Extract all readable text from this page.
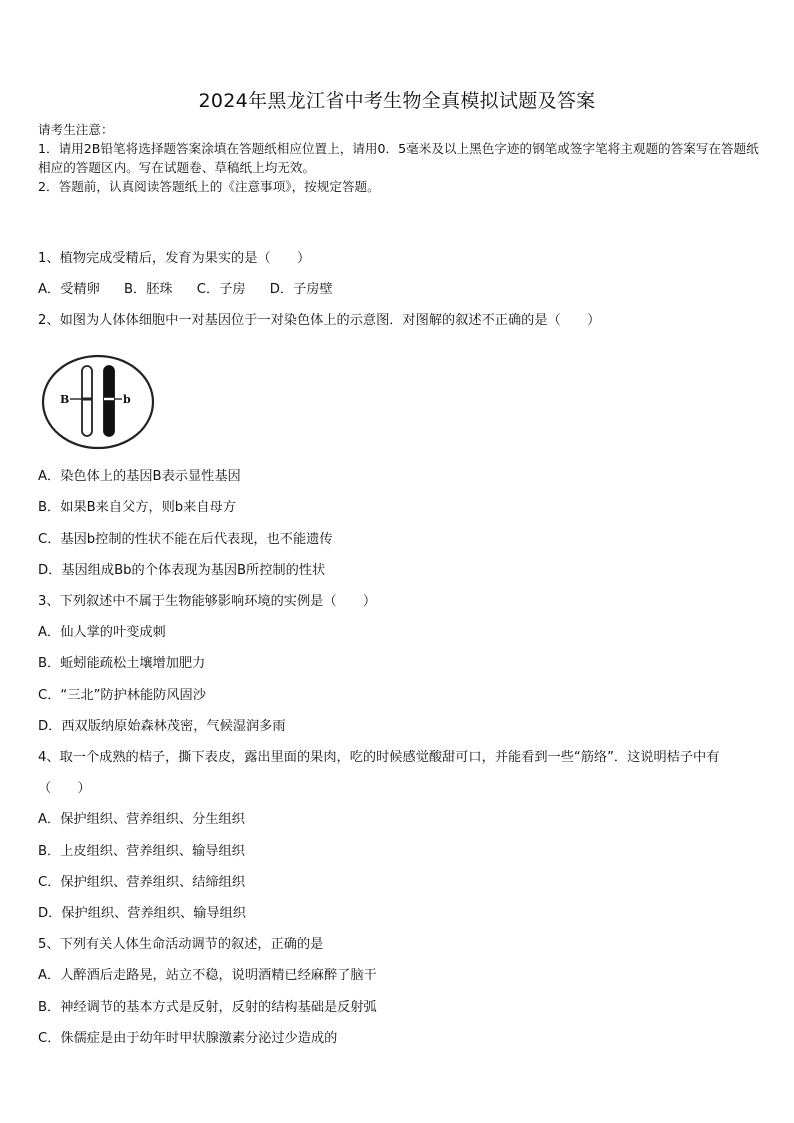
2024年黑龙江省中考生物全真模拟试题及答案
请考生注意：
1．请用2B铅笔将选择题答案涂填在答题纸相应位置上，请用0．5毫米及以上黑色字迹的钢笔或签字笔将主观题的答案写在答题纸相应的答题区内。写在试题卷、草稿纸上均无效。
2．答题前，认真阅读答题纸上的《注意事项》，按规定答题。
1、植物完成受精后，发育为果实的是（　　）
A．受精卵 B．胚珠 C．子房 D．子房壁
2、如图为人体体细胞中一对基因位于一对染色体上的示意图．对图解的叙述不正确的是（　　）
B	b
A．染色体上的基因B表示显性基因
B．如果B来自父方，则b来自母方
C．基因b控制的性状不能在后代表现，也不能遗传
D．基因组成Bb的个体表现为基因B所控制的性状
3、下列叙述中不属于生物能够影响环境的实例是（　　）
A．仙人掌的叶变成刺
B．蚯蚓能疏松土壤增加肥力
C．“三北”防护林能防风固沙
D．西双版纳原始森林茂密，气候湿润多雨
4、取一个成熟的桔子，撕下表皮，露出里面的果肉，吃的时候感觉酸甜可口，并能看到一些“筋络”．这说明桔子中有（　　）
A．保护组织、营养组织、分生组织
B．上皮组织、营养组织、输导组织
C．保护组织、营养组织、结缔组织
D．保护组织、营养组织、输导组织
5、下列有关人体生命活动调节的叙述，正确的是
A．人醉酒后走路晃，站立不稳，说明酒精已经麻醉了脑干
B．神经调节的基本方式是反射，反射的结构基础是反射弧
C．侏儒症是由于幼年时甲状腺激素分泌过少造成的
